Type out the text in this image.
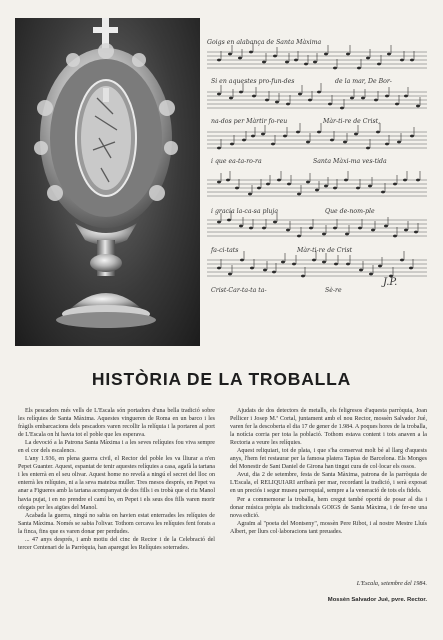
Goigs en alabança de Santa Màxima
Si en aquestes pro-fun-des	de la mar, De Bor-
na-dos per Màrtir fo-reu	Màr-ti-re de Crist,
i que ea-ta-ro-ra	Santa Màxi-ma ves-tida
i gracia la-ca-sa pluja	Que de-nom-ple
fa-ci-tats	Màr-ti-re de Crist
Crist-Car-ta-ta ta-	Sè-re
J.P.
HISTÒRIA DE LA TROBALLA

Els pescadors més vells de L'Escala són portadors d'una bella tradició sobre les relíquies de Santa Màxima. Aquestes vingueren de Roma en un barco i les fràgils embarcacions dels pescadors varen recollir la relíquia i la portaren al port de L'Escala on hi havia tot el poble que les esperava.

La devoció a la Patrona Santa Màxima i a les seves relíquies fou viva sempre en el cor dels escalencs.

L'any 1.936, en plena guerra civil, el Rector del poble les va lliurar a n'en Pepet Guanter. Aquest, espantat de tenir aquestes relíquies a casa, agafà la tartana i les enterrà en el seu olivar. Aquest home no revelà a ningú el secret del lloc on enterrà les relíquies, ni a la seva mateixa muller. Tres mesos després, en Pepet va anar a Figueres amb la tartana acompanyat de dos fills i es trobà que el riu Manol havia pujat, i en no prendre el camí bo, en Pepet i els seus dos fills varen morir ofegats per les aigües del Manol.

Acabada la guerra, ningú no sabia on havien estat enterrades les relíquies de Santa Màxima. Només se sabia l'olivar. Tothom cercava les relíquies fent forats a la finca, fins que es varen donar per perdudes.

... 47 anys després, i amb motiu del cinc de Rector i de la Celebració del tercer Centenari de la Parròquia, han aparegut les Relíquies soterrades.

Ajudats de dos detectors de metalls, els feligresos d'aquesta parròquia, Joan Pellicer i Josep M.ª Cortal, juntament amb el nou Rector, mossèn Salvador Jué, varen fer la descoberta el dia 17 de gener de 1.984. A poques hores de la troballa, la notícia corria per tota la població. Tothom estava content i tots anaven a la Rectoria a veure les relíquies.

Aquest reliquiari, tot de plata, i que s'ha conservat molt bé al llarg d'aquests anys, l'hem fet restaurar per la famosa platera Tapias de Barcelona. Els Monges del Monestir de Sant Daniel de Girona han tingut cura de col·locar els ossos.

Avui, dia 2 de setembre, festa de Santa Màxima, patrona de la parròquia de L'Escala, el RELIQUIARI arribarà per mar, recordant la tradició, i serà exposat en un preciós i segur museu parroquial, sempre a la veneració de tots els fidels.

Per a commemorar la troballa, hem cregut també oportú de posar al dia i donar música pròpia als tradicionals GOIGS de Santa Màxima, i de fer-ne una nova edició.

Agraïm al "poeta del Montseny", mossèn Pere Ribot, i al nostre Mestre Lluís Albert, per llurs col·laboracions tant preuades.

L'Escala, setembre del 1984.
Mossèn Salvador Jué, pvre. Rector.
